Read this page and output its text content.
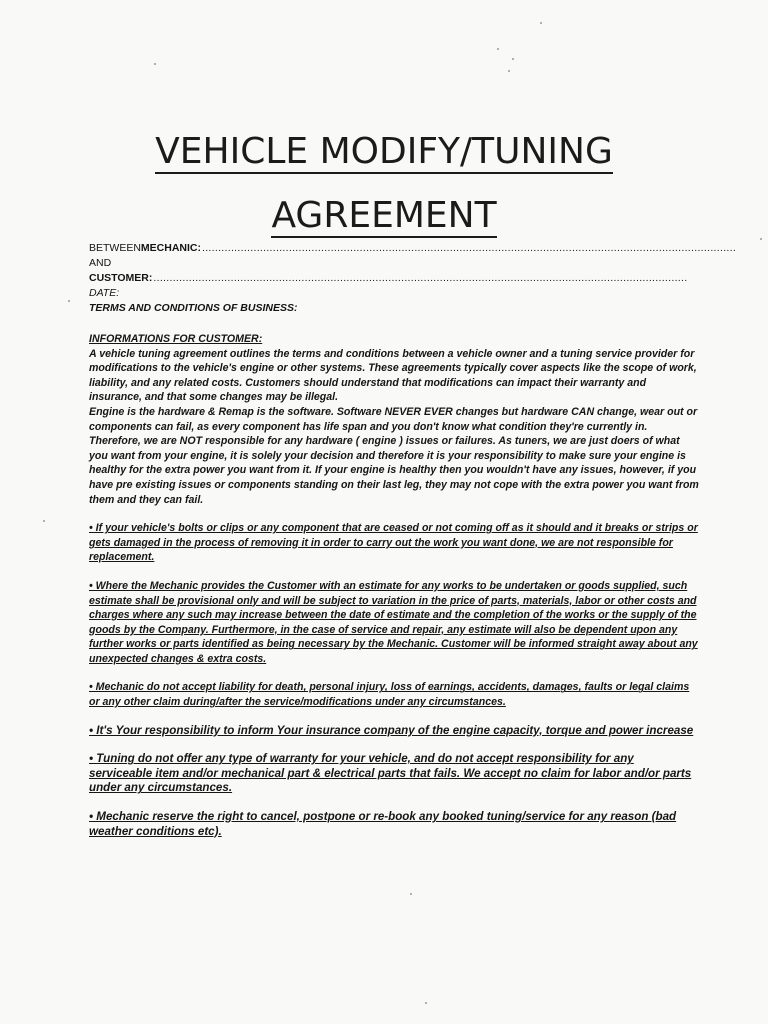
VEHICLE MODIFY/TUNING
AGREEMENT
BETWEEN MECHANIC: ......................................................................................................................................................................
AND
CUSTOMER: ......................................................................................................................................................................
DATE:
TERMS AND CONDITIONS OF BUSINESS:

INFORMATIONS FOR CUSTOMER:

A vehicle tuning agreement outlines the terms and conditions between a vehicle owner and a tuning service provider for modifications to the vehicle's engine or other systems. These agreements typically cover aspects like the scope of work, liability, and any related costs. Customers should understand that modifications can impact their warranty and insurance, and that some changes may be illegal.

Engine is the hardware & Remap is the software. Software NEVER EVER changes but hardware CAN change, wear out or components can fail, as every component has life span and you don't know what condition they're currently in. Therefore, we are NOT responsible for any hardware ( engine ) issues or failures. As tuners, we are just doers of what you want from your engine, it is solely your decision and therefore it is your responsibility to make sure your engine is healthy for the extra power you want from it. If your engine is healthy then you wouldn't have any issues, however, if you have pre existing issues or components standing on their last leg, they may not cope with the extra power you want from them and they can fail.

• If your vehicle's bolts or clips or any component that are ceased or not coming off as it should and it breaks or strips or gets damaged in the process of removing it in order to carry out the work you want done, we are not responsible for replacement.

• Where the Mechanic provides the Customer with an estimate for any works to be undertaken or goods supplied, such estimate shall be provisional only and will be subject to variation in the price of parts, materials, labor or other costs and charges where any such may increase between the date of estimate and the completion of the works or the supply of the goods by the Company. Furthermore, in the case of service and repair, any estimate will also be dependent upon any further works or parts identified as being necessary by the Mechanic. Customer will be informed straight away about any unexpected changes & extra costs.

• Mechanic do not accept liability for death, personal injury, loss of earnings, accidents, damages, faults or legal claims or any other claim during/after the service/modifications under any circumstances.

• It's Your responsibility to inform Your insurance company of the engine capacity, torque and power increase

• Tuning do not offer any type of warranty for your vehicle, and do not accept responsibility for any serviceable item and/or mechanical part & electrical parts that fails. We accept no claim for labor and/or parts under any circumstances.

• Mechanic reserve the right to cancel, postpone or re-book any booked tuning/service for any reason (bad weather conditions etc).
